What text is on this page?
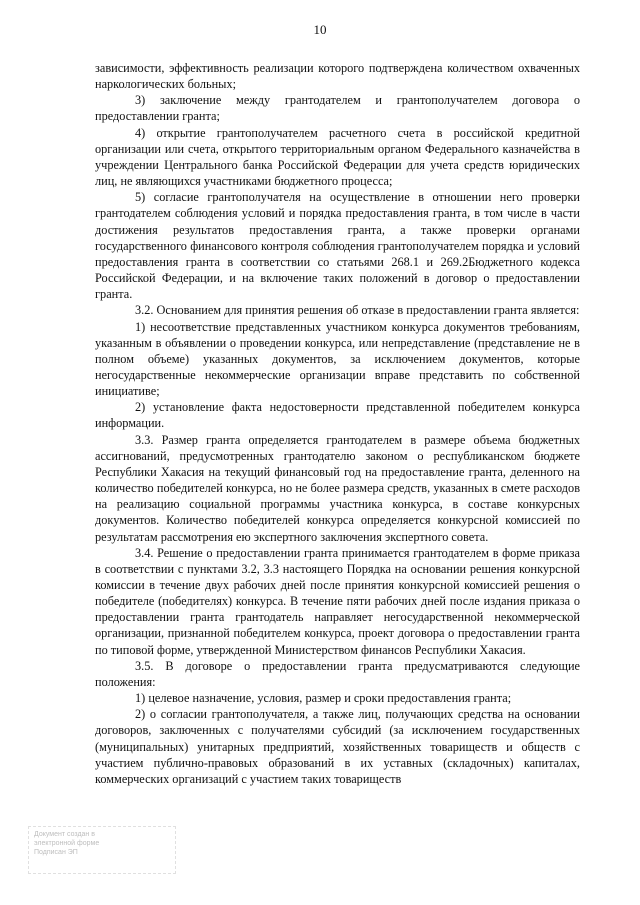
10

зависимости, эффективность реализации которого подтверждена количеством охваченных наркологических больных;

3) заключение между грантодателем и грантополучателем договора о предоставлении гранта;

4) открытие грантополучателем расчетного счета в российской кредитной организации или счета, открытого территориальным органом Федерального казначейства в учреждении Центрального банка Российской Федерации для учета средств юридических лиц, не являющихся участниками бюджетного процесса;

5) согласие грантополучателя на осуществление в отношении него проверки грантодателем соблюдения условий и порядка предоставления гранта, в том числе в части достижения результатов предоставления гранта, а также проверки органами государственного финансового контроля соблюдения грантополучателем порядка и условий предоставления гранта в соответствии со статьями 268.1 и 269.2Бюджетного кодекса Российской Федерации, и на включение таких положений в договор о предоставлении гранта.

3.2. Основанием для принятия решения об отказе в предоставлении гранта является:

1) несоответствие представленных участником конкурса документов требованиям, указанным в объявлении о проведении конкурса, или непредставление (представление не в полном объеме) указанных документов, за исключением документов, которые негосударственные некоммерческие организации вправе представить по собственной инициативе;

2) установление факта недостоверности представленной победителем конкурса информации.

3.3. Размер гранта определяется грантодателем в размере объема бюджетных ассигнований, предусмотренных грантодателю законом о республиканском бюджете Республики Хакасия на текущий финансовый год на предоставление гранта, деленного на количество победителей конкурса, но не более размера средств, указанных в смете расходов на реализацию социальной программы участника конкурса, в составе конкурсных документов. Количество победителей конкурса определяется конкурсной комиссией по результатам рассмотрения ею экспертного заключения экспертного совета.

3.4. Решение о предоставлении гранта принимается грантодателем в форме приказа в соответствии с пунктами 3.2, 3.3 настоящего Порядка на основании решения конкурсной комиссии в течение двух рабочих дней после принятия конкурсной комиссией решения о победителе (победителях) конкурса. В течение пяти рабочих дней после издания приказа о предоставлении гранта грантодатель направляет негосударственной некоммерческой организации, признанной победителем конкурса, проект договора о предоставлении гранта по типовой форме, утвержденной Министерством финансов Республики Хакасия.

3.5. В договоре о предоставлении гранта предусматриваются следующие положения:

1) целевое назначение, условия, размер и сроки предоставления гранта;

2) о согласии грантополучателя, а также лиц, получающих средства на основании договоров, заключенных с получателями субсидий (за исключением государственных (муниципальных) унитарных предприятий, хозяйственных товариществ и обществ с участием публично-правовых образований в их уставных (складочных) капиталах, коммерческих организаций с участием таких товариществ

Документ создан в
электронной форме
Подписан ЭП
